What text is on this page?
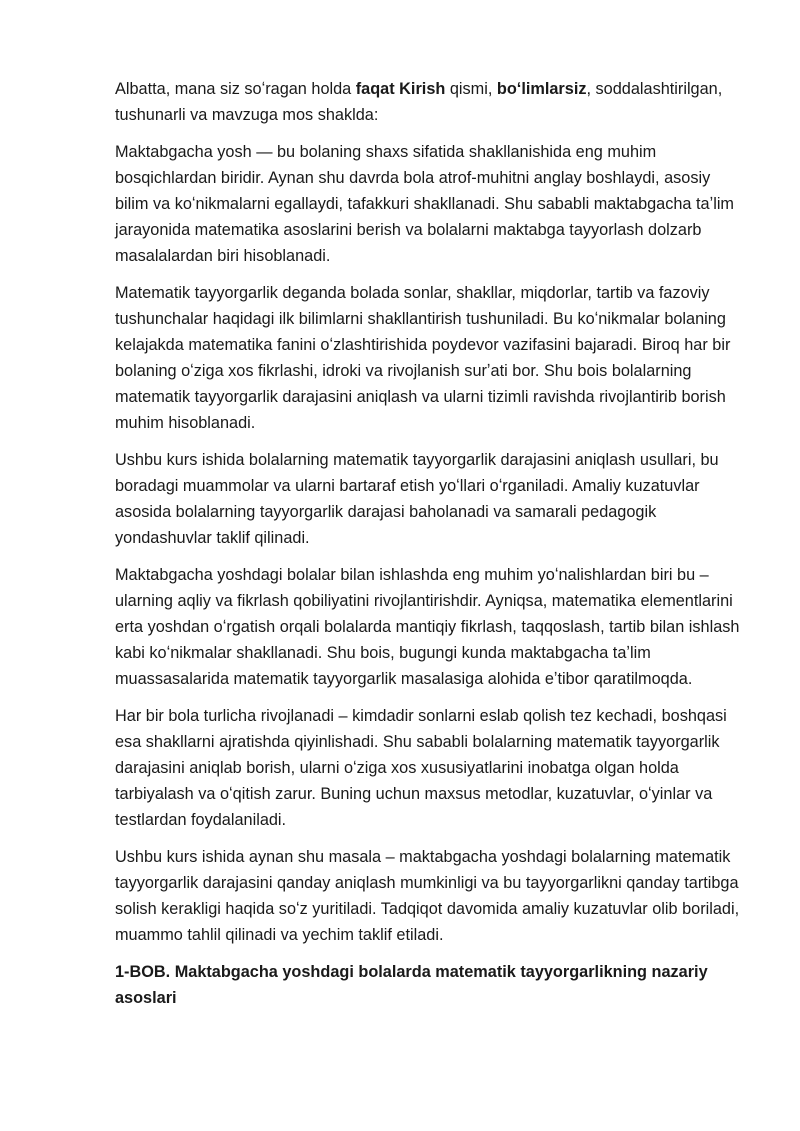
Albatta, mana siz soʻragan holda faqat Kirish qismi, boʻlimlarsiz, soddalashtirilgan, tushunarli va mavzuga mos shaklda:

Maktabgacha yosh — bu bolaning shaxs sifatida shakllanishida eng muhim bosqichlardan biridir. Aynan shu davrda bola atrof-muhitni anglay boshlaydi, asosiy bilim va koʻnikmalarni egallaydi, tafakkuri shakllanadi. Shu sababli maktabgacha taʼlim jarayonida matematika asoslarini berish va bolalarni maktabga tayyorlash dolzarb masalalardan biri hisoblanadi.

Matematik tayyorgarlik deganda bolada sonlar, shakllar, miqdorlar, tartib va fazoviy tushunchalar haqidagi ilk bilimlarni shakllantirish tushuniladi. Bu koʻnikmalar bolaning kelajakda matematika fanini oʻzlashtirishida poydevor vazifasini bajaradi. Biroq har bir bolaning oʻziga xos fikrlashi, idroki va rivojlanish surʼati bor. Shu bois bolalarning matematik tayyorgarlik darajasini aniqlash va ularni tizimli ravishda rivojlantirib borish muhim hisoblanadi.

Ushbu kurs ishida bolalarning matematik tayyorgarlik darajasini aniqlash usullari, bu boradagi muammolar va ularni bartaraf etish yoʻllari oʻrganiladi. Amaliy kuzatuvlar asosida bolalarning tayyorgarlik darajasi baholanadi va samarali pedagogik yondashuvlar taklif qilinadi.

Maktabgacha yoshdagi bolalar bilan ishlashda eng muhim yoʻnalishlardan biri bu – ularning aqliy va fikrlash qobiliyatini rivojlantirishdir. Ayniqsa, matematika elementlarini erta yoshdan oʻrgatish orqali bolalarda mantiqiy fikrlash, taqqoslash, tartib bilan ishlash kabi koʻnikmalar shakllanadi. Shu bois, bugungi kunda maktabgacha taʼlim muassasalarida matematik tayyorgarlik masalasiga alohida eʼtibor qaratilmoqda.

Har bir bola turlicha rivojlanadi – kimdadir sonlarni eslab qolish tez kechadi, boshqasi esa shakllarni ajratishda qiyinlishadi. Shu sababli bolalarning matematik tayyorgarlik darajasini aniqlab borish, ularni oʻziga xos xususiyatlarini inobatga olgan holda tarbiyalash va oʻqitish zarur. Buning uchun maxsus metodlar, kuzatuvlar, oʻyinlar va testlardan foydalaniladi.

Ushbu kurs ishida aynan shu masala – maktabgacha yoshdagi bolalarning matematik tayyorgarlik darajasini qanday aniqlash mumkinligi va bu tayyorgarlikni qanday tartibga solish kerakligi haqida soʻz yuritiladi. Tadqiqot davomida amaliy kuzatuvlar olib boriladi, muammo tahlil qilinadi va yechim taklif etiladi.

1-BOB. Maktabgacha yoshdagi bolalarda matematik tayyorgarlikning nazariy asoslari
